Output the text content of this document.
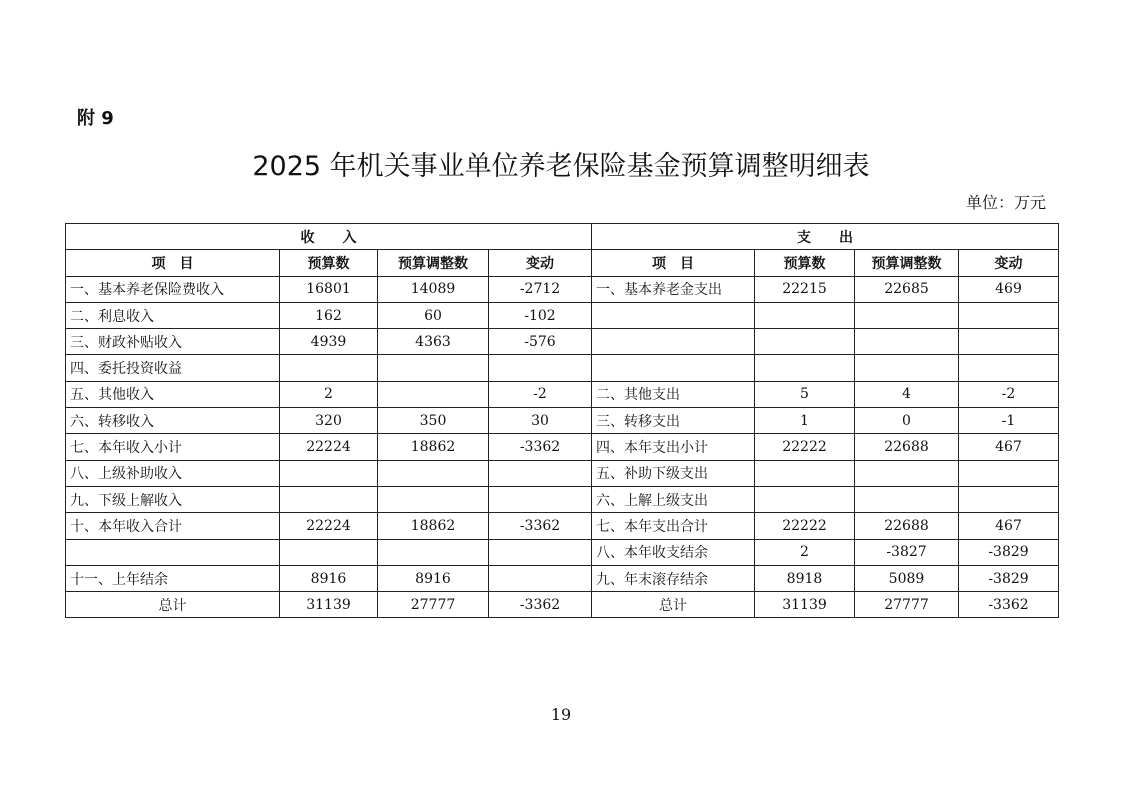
附 9
2025 年机关事业单位养老保险基金预算调整明细表
单位：万元
收　　入				支　　出			
项　目	预算数	预算调整数	变动	项　目	预算数	预算调整数	变动
一、基本养老保险费收入	16801	14089	-2712	一、基本养老金支出	22215	22685	469
二、利息收入	162	60	-102				
三、财政补贴收入	4939	4363	-576				
四、委托投资收益							
五、其他收入	2		-2	二、其他支出	5	4	-2
六、转移收入	320	350	30	三、转移支出	1	0	-1
七、本年收入小计	22224	18862	-3362	四、本年支出小计	22222	22688	467
八、上级补助收入				五、补助下级支出			
九、下级上解收入				六、上解上级支出			
十、本年收入合计	22224	18862	-3362	七、本年支出合计	22222	22688	467
				八、本年收支结余	2	-3827	-3829
十一、上年结余	8916	8916		九、年末滚存结余	8918	5089	-3829
总计	31139	27777	-3362	总计	31139	27777	-3362
19
